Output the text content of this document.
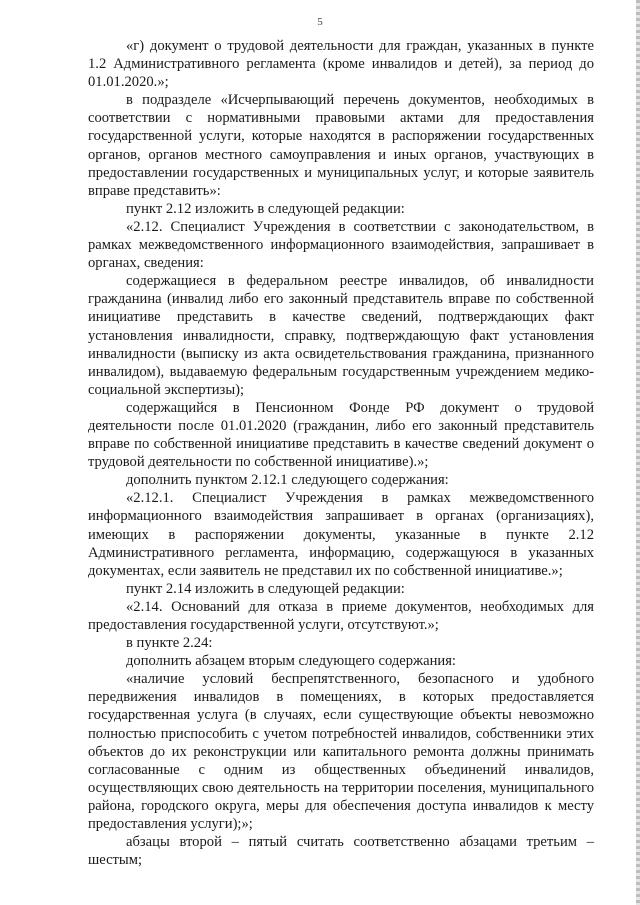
5

«г) документ о трудовой деятельности для граждан, указанных в пункте 1.2 Административного регламента (кроме инвалидов и детей), за период до 01.01.2020.»;

в подразделе «Исчерпывающий перечень документов, необходимых в соответствии с нормативными правовыми актами для предоставления государственной услуги, которые находятся в распоряжении государственных органов, органов местного самоуправления и иных органов, участвующих в предоставлении государственных и муниципальных услуг, и которые заявитель вправе представить»:

пункт 2.12 изложить в следующей редакции:

«2.12. Специалист Учреждения в соответствии с законодательством, в рамках межведомственного информационного взаимодействия, запрашивает в органах, сведения:

содержащиеся в федеральном реестре инвалидов, об инвалидности гражданина (инвалид либо его законный представитель вправе по собственной инициативе представить в качестве сведений, подтверждающих факт установления инвалидности, справку, подтверждающую факт установления инвалидности (выписку из акта освидетельствования гражданина, признанного инвалидом), выдаваемую федеральным государственным учреждением медико-социальной экспертизы);

содержащийся в Пенсионном Фонде РФ документ о трудовой деятельности после 01.01.2020 (гражданин, либо его законный представитель вправе по собственной инициативе представить в качестве сведений документ о трудовой деятельности по собственной инициативе).»;

дополнить пунктом 2.12.1 следующего содержания:

«2.12.1. Специалист Учреждения в рамках межведомственного информационного взаимодействия запрашивает в органах (организациях), имеющих в распоряжении документы, указанные в пункте 2.12 Административного регламента, информацию, содержащуюся в указанных документах, если заявитель не представил их по собственной инициативе.»;

пункт 2.14 изложить в следующей редакции:

«2.14. Оснований для отказа в приеме документов, необходимых для предоставления государственной услуги, отсутствуют.»;

в пункте 2.24:

дополнить абзацем вторым следующего содержания:

«наличие условий беспрепятственного, безопасного и удобного передвижения инвалидов в помещениях, в которых предоставляется государственная услуга (в случаях, если существующие объекты невозможно полностью приспособить с учетом потребностей инвалидов, собственники этих объектов до их реконструкции или капитального ремонта должны принимать согласованные с одним из общественных объединений инвалидов, осуществляющих свою деятельность на территории поселения, муниципального района, городского округа, меры для обеспечения доступа инвалидов к месту предоставления услуги);»;

абзацы второй – пятый считать соответственно абзацами третьим – шестым;
